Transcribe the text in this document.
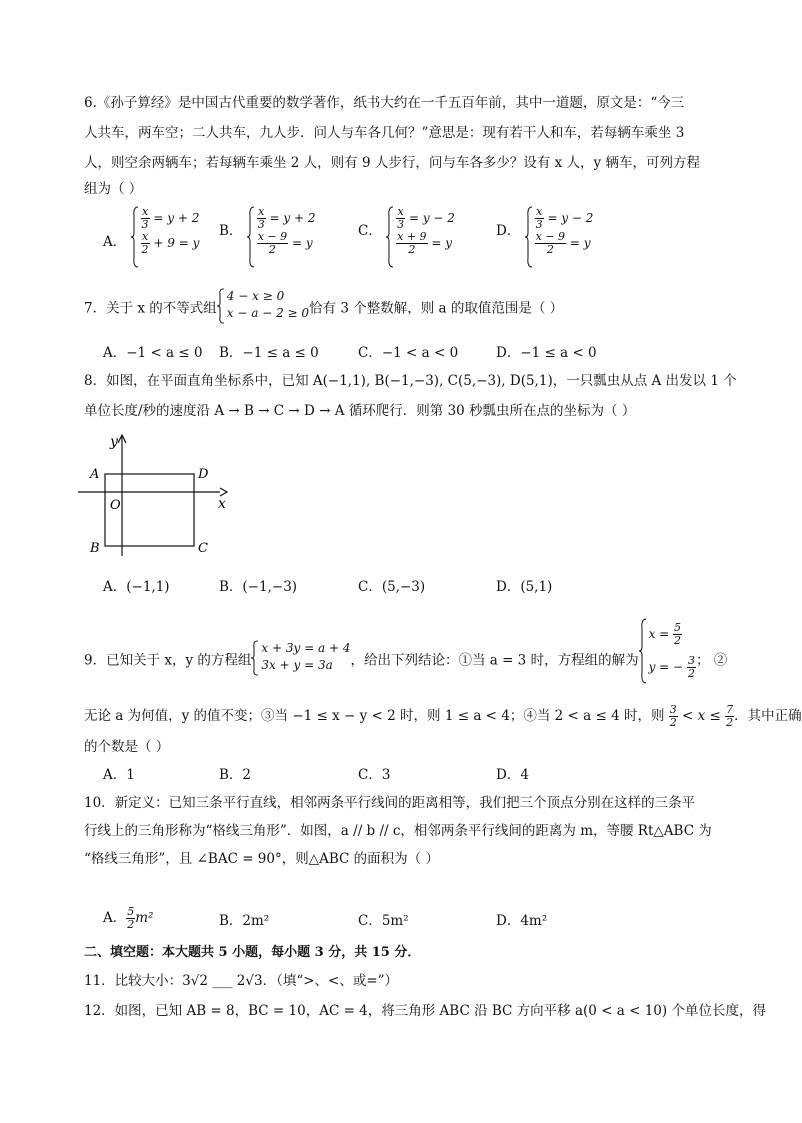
6.《孙子算经》是中国古代重要的数学著作，纸书大约在一千五百年前，其中一道题，原文是：“今三
人共车，两车空；二人共车，九人步．问人与车各几何？”意思是：现有若干人和车，若每辆车乘坐 3
人，则空余两辆车；若每辆车乘坐 2 人，则有 9 人步行，问与车各多少？设有 x 人，y 辆车，可列方程
组为（ ）
A．
$\frac{x}{3} = y + 2$
$\frac{x}{2} + 9 = y$
B． $\frac{x}{3} = y + 2$
$\frac{x - 9}{2} = y$
C． $\frac{x}{3} = y - 2$
$\frac{x + 9}{2} = y$
D． $\frac{x}{3} = y - 2$
$\frac{x - 9}{2} = y$
7．关于 x 的不等式组
4 − x ≥ 0
x − a − 2 ≥ 0 恰有 3 个整数解，则 a 的取值范围是（ ）
A．−1 < a ≤ 0 B．−1 ≤ a ≤ 0	C．−1 < a < 0	D．−1 ≤ a < 0
8．如图，在平面直角坐标系中，已知 A(−1,1), B(−1,−3), C(5,−3), D(5,1)，一只瓢虫从点 A 出发以 1 个
单位长度/秒的速度沿 A → B → C → D → A 循环爬行．则第 30 秒瓢虫所在点的坐标为（ ）
y
x
O
A
B	C
D
A．(−1,1)	B．(−1,−3)	C．(5,−3)	D．(5,1)
9．已知关于 x，y 的方程组
x + 3y = a + 4
3x + y = 3a	，给出下列结论：①当 a = 3 时，方程组的解为
$x = \frac{5}{2}$
y = − $\frac{3}{2}$ ； ②
无论 a 为何值，y 的值不变；③当 −1 ≤ x − y < 2 时，则 1 ≤ a < 4；④当 2 < a ≤ 4 时，则 $\frac{3}{2} < x \le \frac{7}{2}$ ．其中正确
的个数是（ ）
A．1	B．2	C．3	D．4
10．新定义：已知三条平行直线，相邻两条平行线间的距离相等，我们把三个顶点分别在这样的三条平
行线上的三角形称为“格线三角形”．如图，a // b // c，相邻两条平行线间的距离为 m，等腰 Rt△ABC 为
“格线三角形”，且 ∠BAC = 90°，则△ABC 的面积为（ ）
A． $\frac{5}{2} m^2$	B．2m²	C．5m²	D．4m²
二、填空题：本大题共 5 小题，每小题 3 分，共 15 分．
11．比较大小：3√2 ___ 2√3．（填“>、<、或=”）
12．如图，已知 AB = 8，BC = 10，AC = 4，将三角形 ABC 沿 BC 方向平移 a(0 < a < 10) 个单位长度，得
